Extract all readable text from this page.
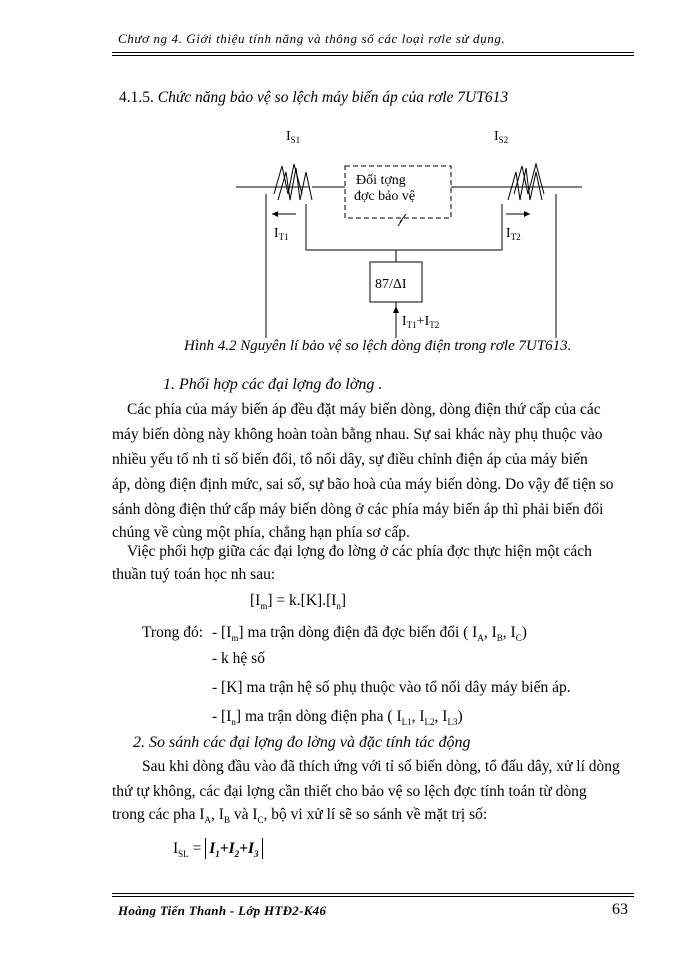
Chươ ng 4. Giới thiệu tính năng và thông số các loại rơle sử dụng.
4.1.5. Chức năng bảo vệ so lệch máy biến áp của rơle 7UT613
$I_{S1}$	$I_{S2}$
$I_{T1}$	$I_{T2}$
Đối tợng
đợc bảo vệ
87/ΔI
$I_{T1}+I_{T2}$
Hình 4.2 Nguyên lí bảo vệ so lệch dòng điện trong rơle 7UT613.
1. Phối hợp các đại lợng đo lờng .
Các phía của máy biến áp đều đặt máy biến dòng, dòng điện thứ cấp của các
máy biến dòng này không hoàn toàn bằng nhau. Sự sai khác này phụ thuộc vào
nhiều yếu tố nh tỉ số biến đổi, tổ nối dây, sự điều chỉnh điện áp của máy biến
áp, dòng điện định mức, sai số, sự bão hoà của máy biến dòng. Do vậy để tiện so
sánh dòng điện thứ cấp máy biến dòng ở các phía máy biến áp thì phải biến đổi
chúng về cùng một phía, chẳng hạn phía sơ cấp.
Việc phối hợp giữa các đại lợng đo lờng ở các phía đợc thực hiện một cách
thuần tuý toán học nh sau:
$[I_m] = k.[K].[I_n]$
Trong đó: - $[I_m]$ ma trận dòng điện đã đợc biến đổi ( $I_A$, $I_B$, $I_C$)
- k hệ số
- [K] ma trận hệ số phụ thuộc vào tổ nối dây máy biến áp.
- $[I_n]$ ma trận dòng điện pha ( $I_{L1}$, $I_{L2}$, $I_{L3}$)
2. So sánh các đại lợng đo lờng và đặc tính tác động
Sau khi dòng đầu vào đã thích ứng với tỉ số biến dòng, tổ đấu dây, xử lí dòng
thứ tự không, các đại lợng cần thiết cho bảo vệ so lệch đợc tính toán từ dòng
trong các pha $I_A$, $I_B$ và $I_C$, bộ vi xử lí sẽ so sánh về mặt trị số:
$I_{SL} = I_1+I_2+I_3$
Hoàng Tiến Thanh - Lớp HTĐ2-K46	63
